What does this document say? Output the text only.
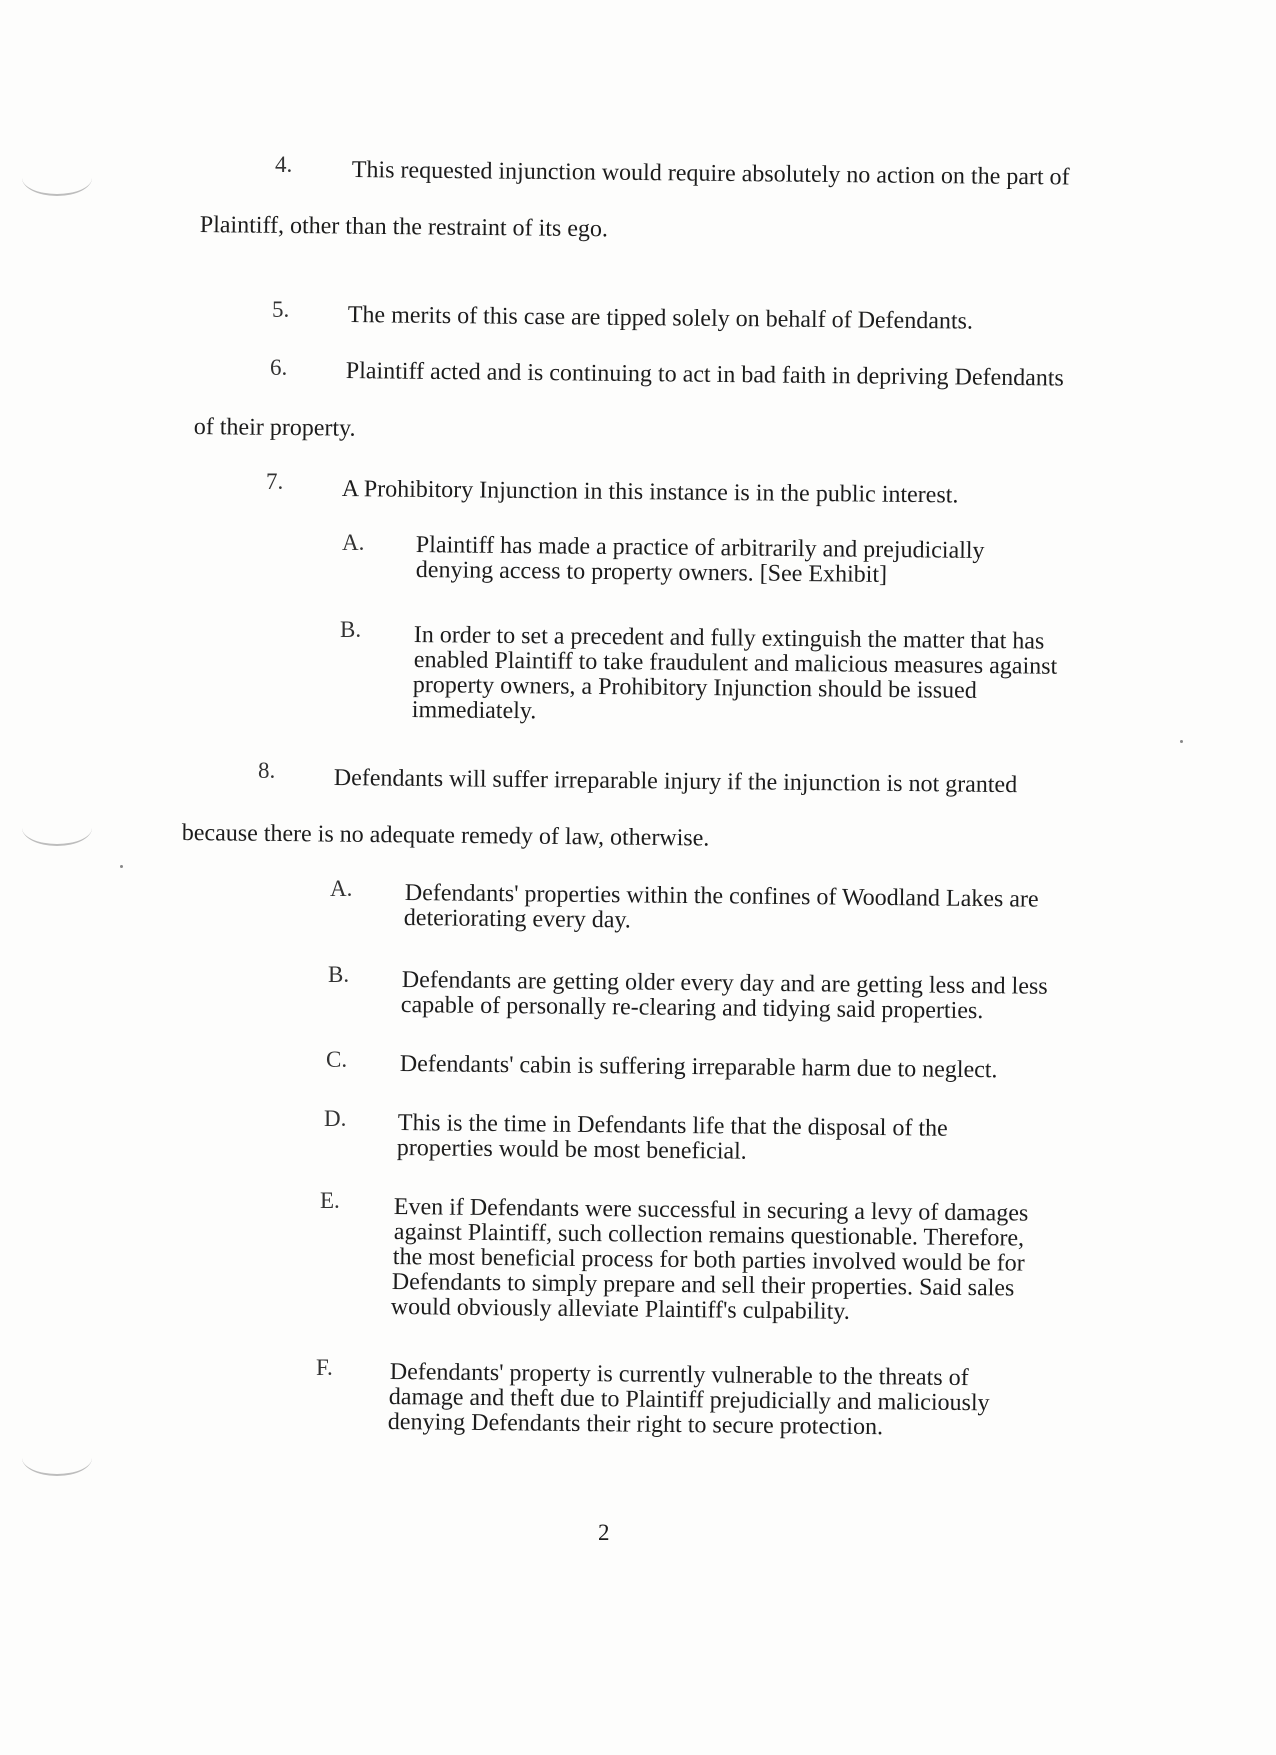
4. This requested injunction would require absolutely no action on the part of
Plaintiff, other than the restraint of its ego.
5. The merits of this case are tipped solely on behalf of Defendants.
6. Plaintiff acted and is continuing to act in bad faith in depriving Defendants
of their property.
7. A Prohibitory Injunction in this instance is in the public interest.
A. Plaintiff has made a practice of arbitrarily and prejudicially
denying access to property owners. [See Exhibit]
B. In order to set a precedent and fully extinguish the matter that has
enabled Plaintiff to take fraudulent and malicious measures against
property owners, a Prohibitory Injunction should be issued
immediately.
8. Defendants will suffer irreparable injury if the injunction is not granted
because there is no adequate remedy of law, otherwise.
A. Defendants' properties within the confines of Woodland Lakes are
deteriorating every day.
B. Defendants are getting older every day and are getting less and less
capable of personally re-clearing and tidying said properties.
C. Defendants' cabin is suffering irreparable harm due to neglect.
D. This is the time in Defendants life that the disposal of the
properties would be most beneficial.
E. Even if Defendants were successful in securing a levy of damages
against Plaintiff, such collection remains questionable. Therefore,
the most beneficial process for both parties involved would be for
Defendants to simply prepare and sell their properties. Said sales
would obviously alleviate Plaintiff's culpability.
F. Defendants' property is currently vulnerable to the threats of
damage and theft due to Plaintiff prejudicially and maliciously
denying Defendants their right to secure protection.
2
